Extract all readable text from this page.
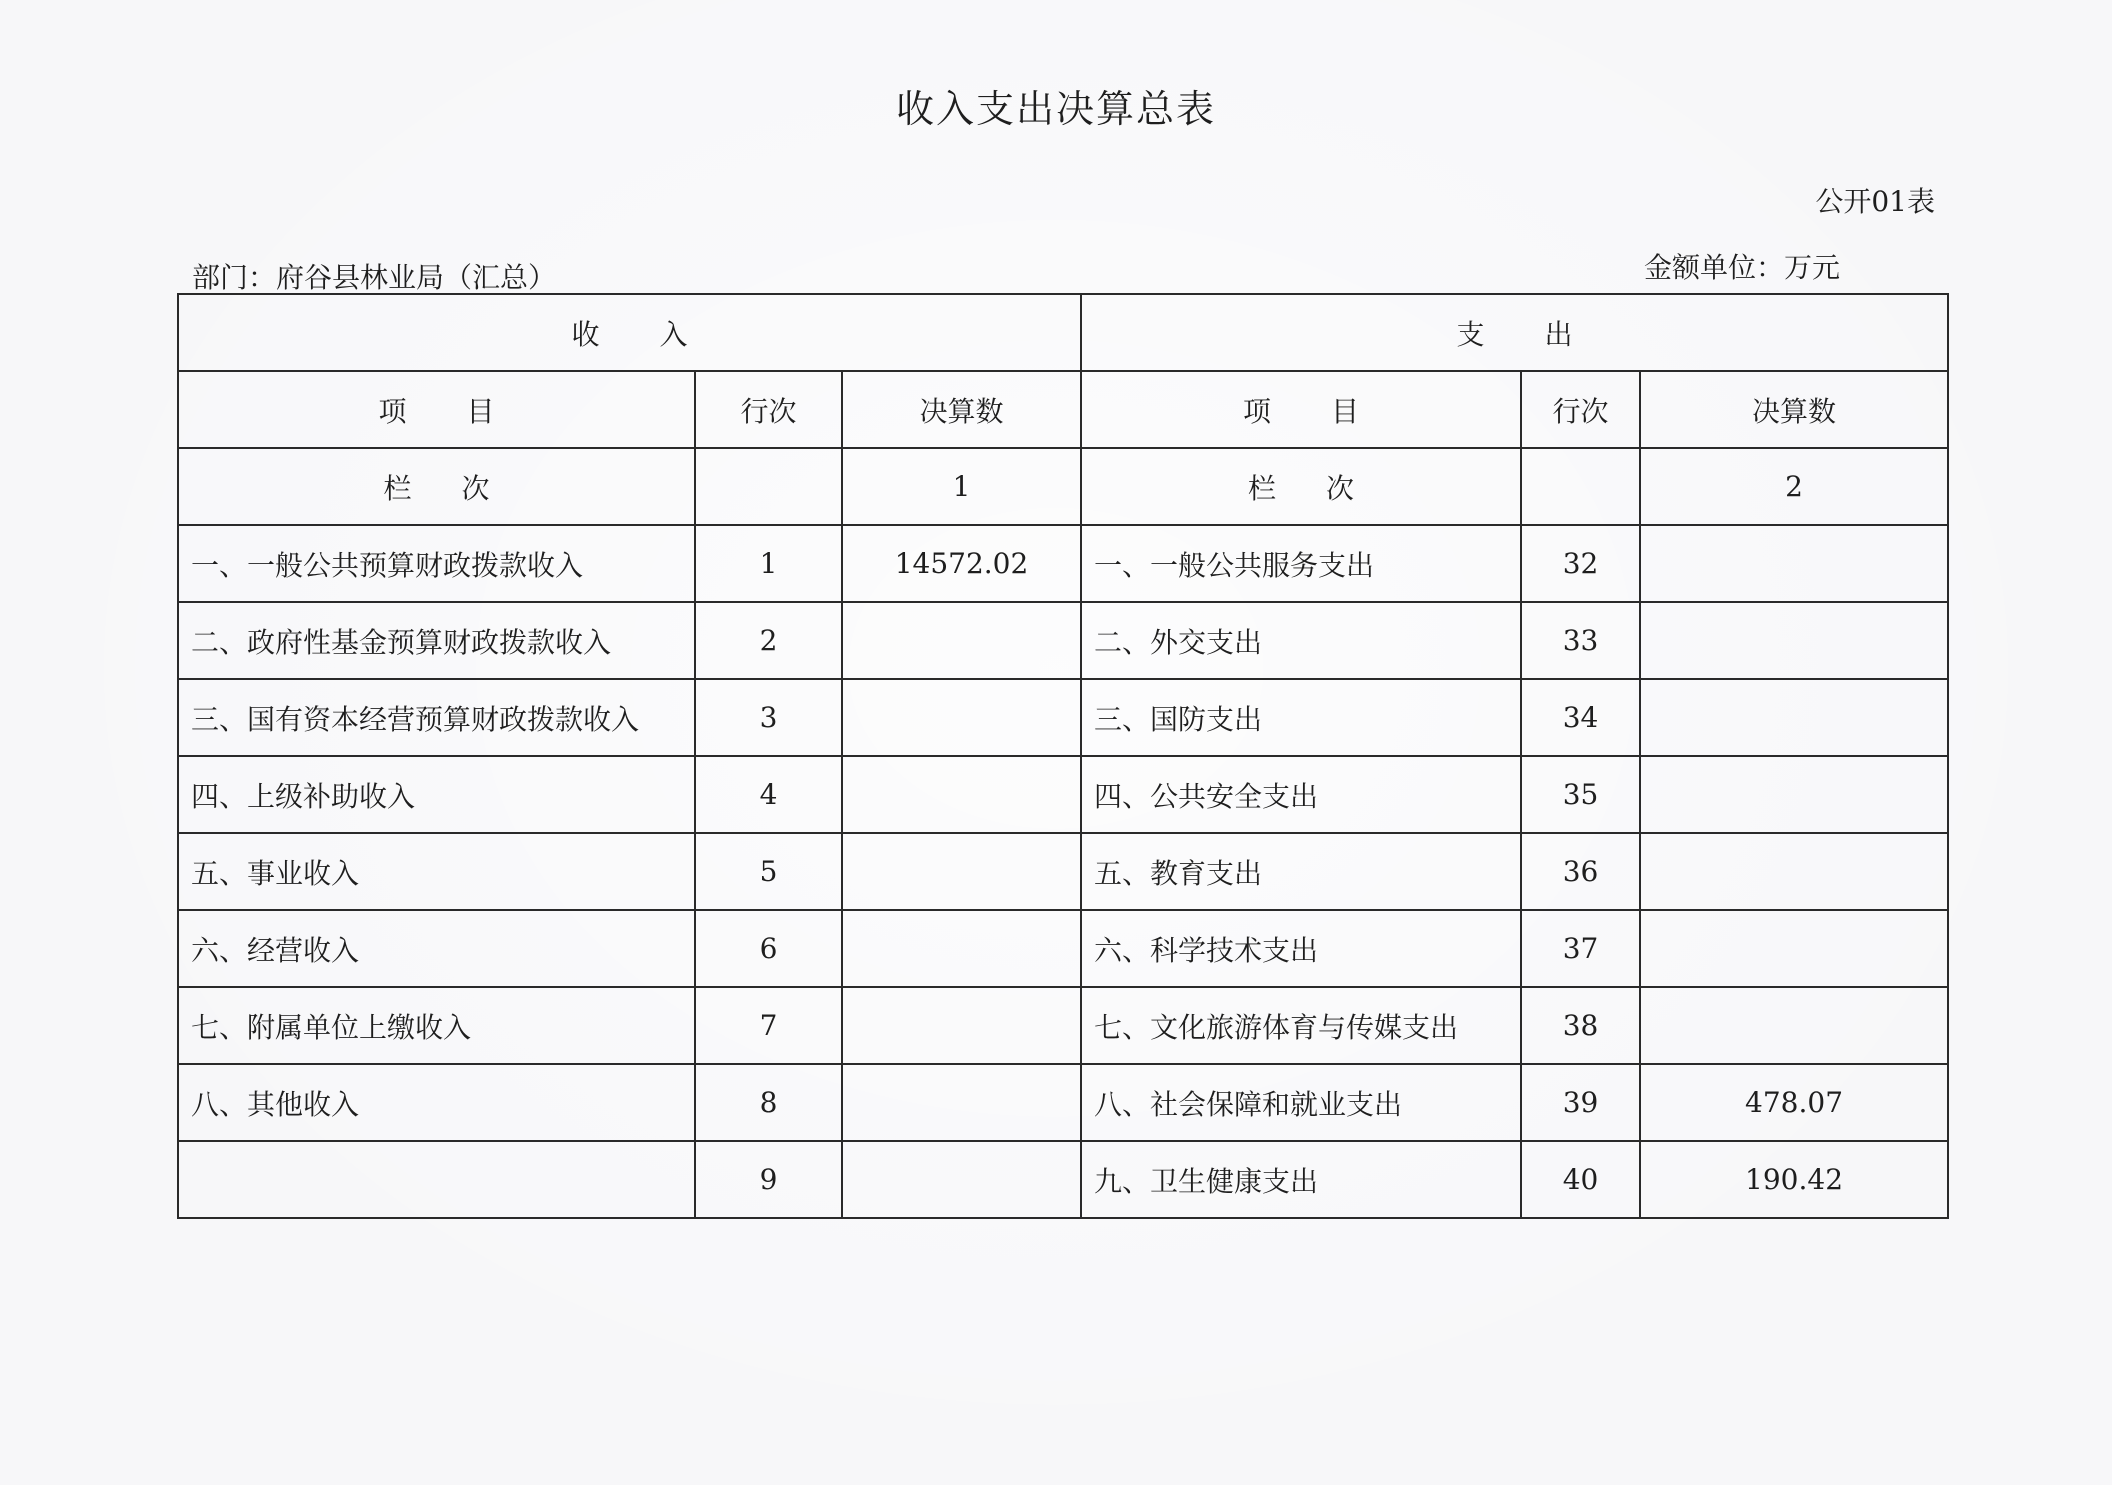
收入支出决算总表
公开01表
部门：府谷县林业局（汇总）	金额单位：万元
收入			支出		
项目	行次	决算数	项目	行次	决算数
栏次		1	栏次		2
一、一般公共预算财政拨款收入	1	14572.02	一、一般公共服务支出	32	
二、政府性基金预算财政拨款收入	2		二、外交支出	33	
三、国有资本经营预算财政拨款收入	3		三、国防支出	34	
四、上级补助收入	4		四、公共安全支出	35	
五、事业收入	5		五、教育支出	36	
六、经营收入	6		六、科学技术支出	37	
七、附属单位上缴收入	7		七、文化旅游体育与传媒支出	38	
八、其他收入	8		八、社会保障和就业支出	39	478.07
	9		九、卫生健康支出	40	190.42
